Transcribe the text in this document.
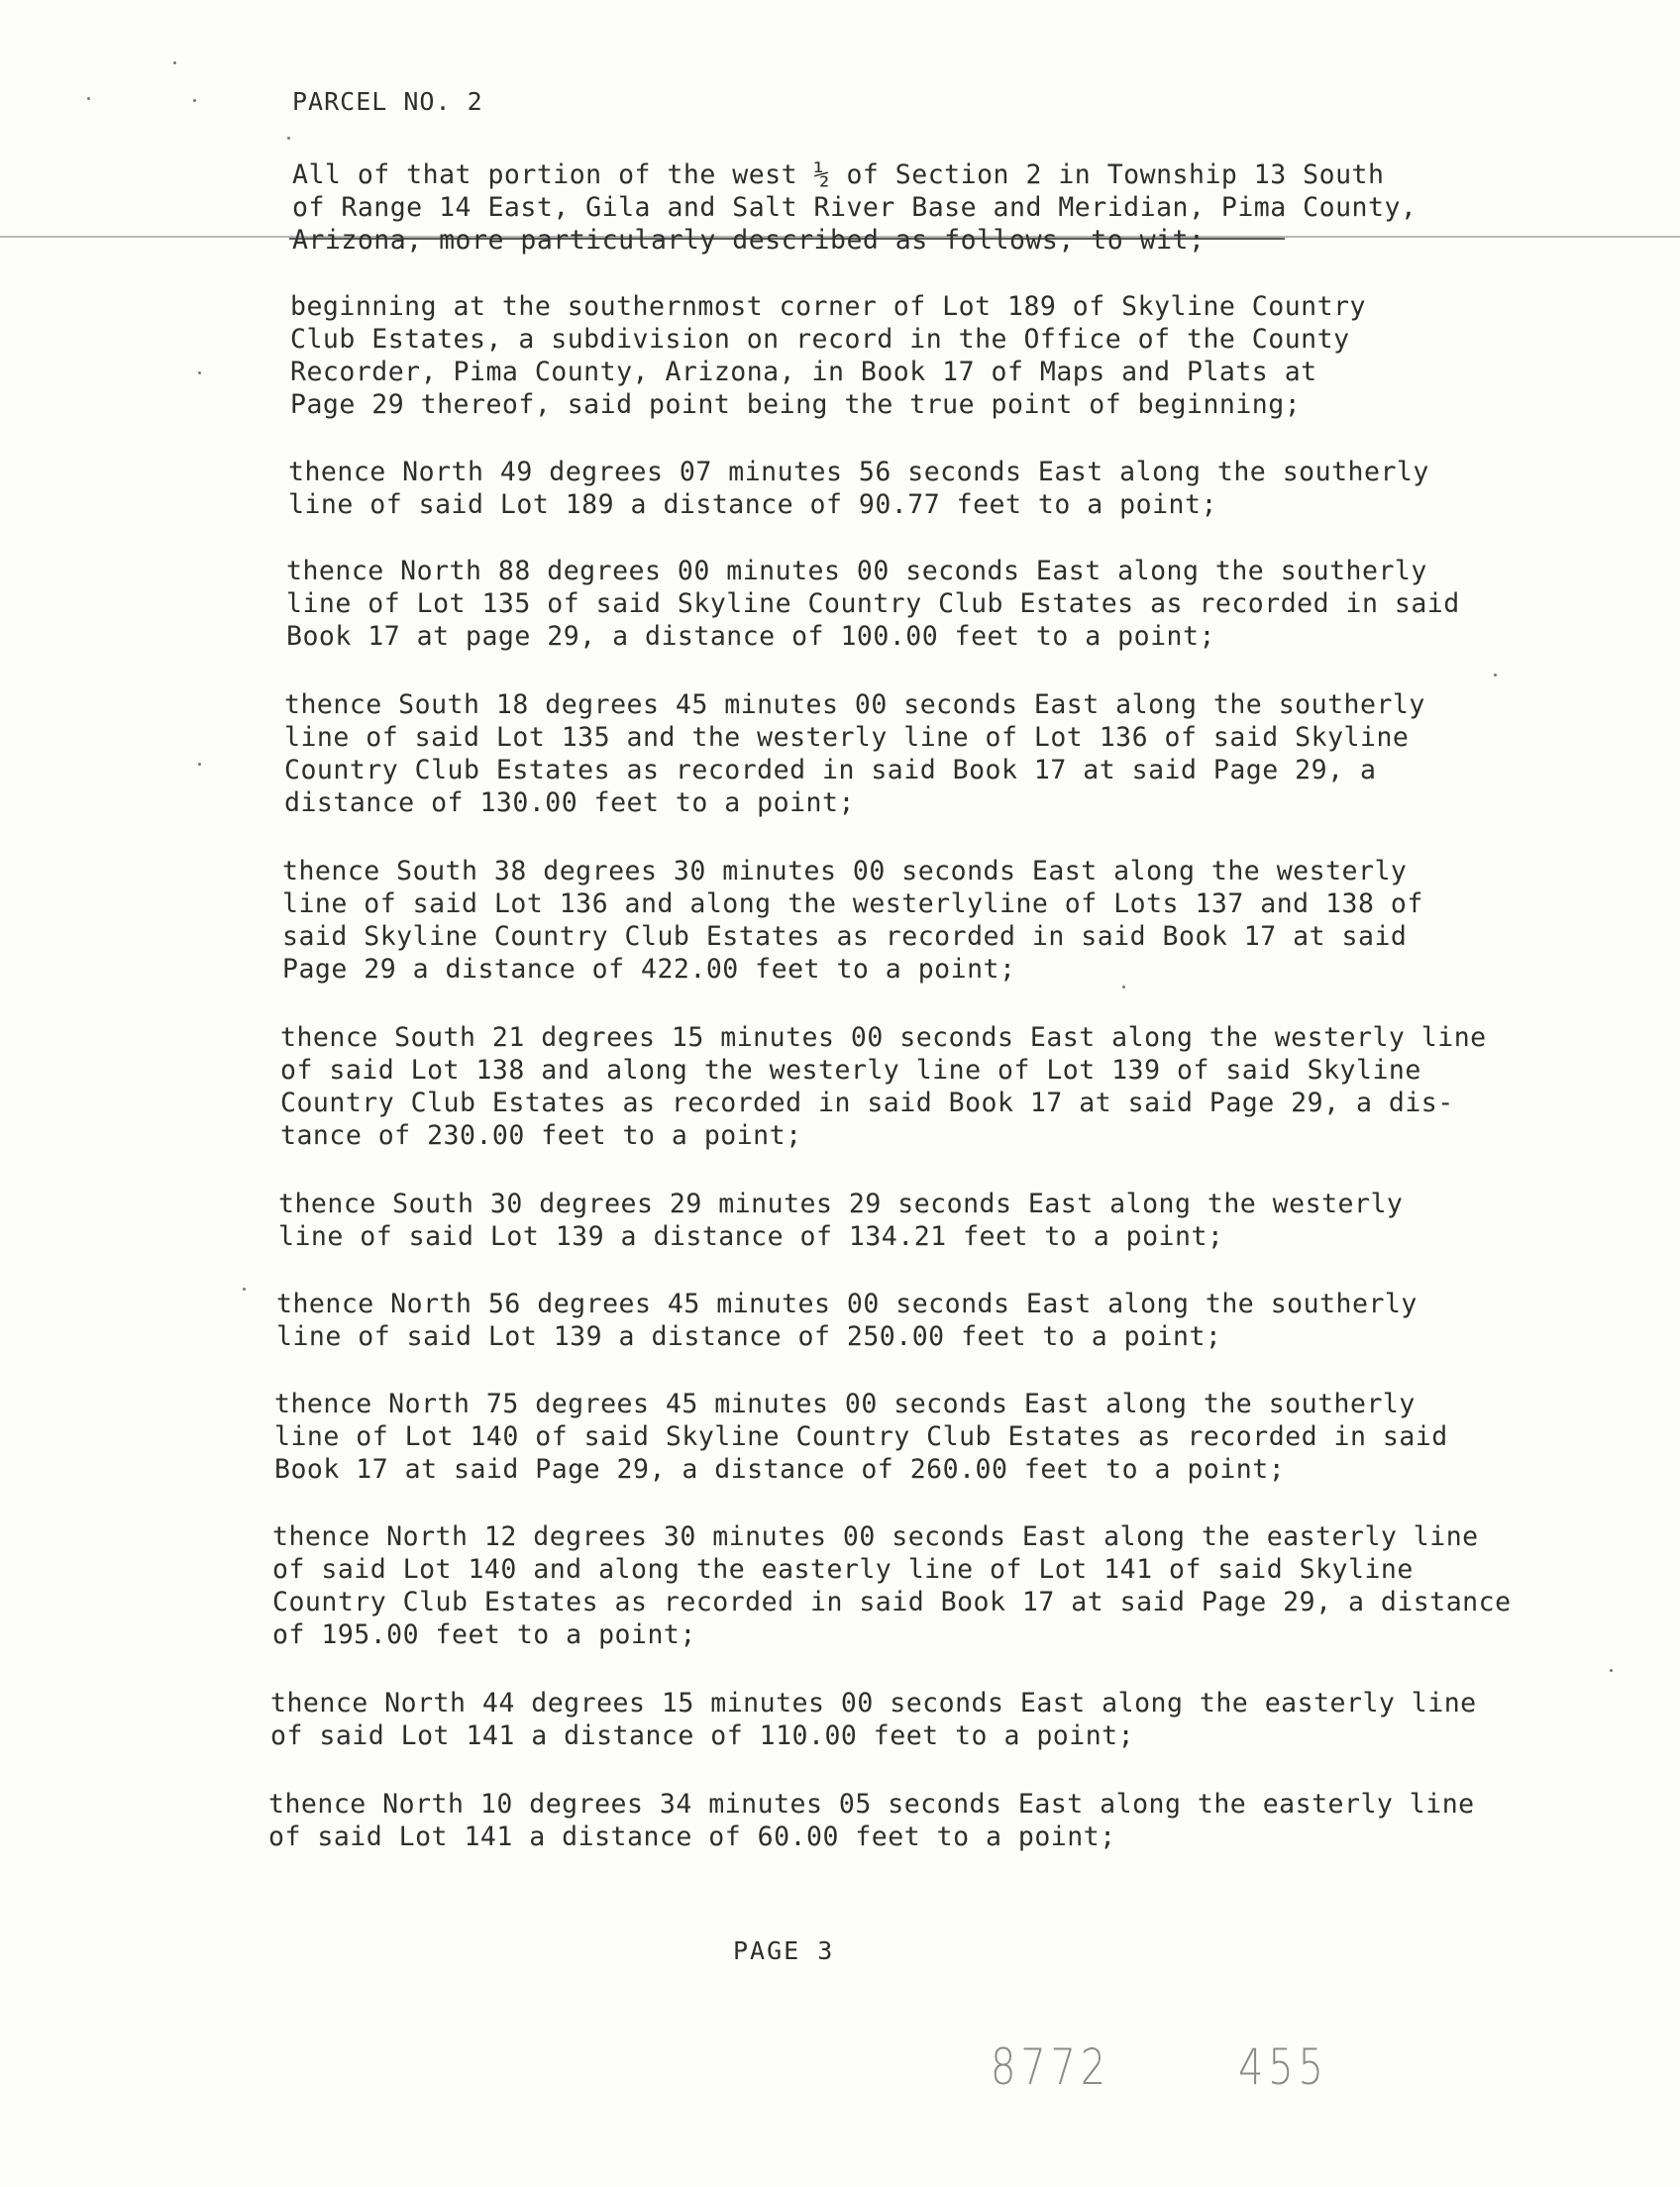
PARCEL NO. 2

All of that portion of the west ½ of Section 2 in Township 13 South
of Range 14 East, Gila and Salt River Base and Meridian, Pima County,
Arizona, more particularly described as follows, to wit;

beginning at the southernmost corner of Lot 189 of Skyline Country
Club Estates, a subdivision on record in the Office of the County
Recorder, Pima County, Arizona, in Book 17 of Maps and Plats at
Page 29 thereof, said point being the true point of beginning;

thence North 49 degrees 07 minutes 56 seconds East along the southerly
line of said Lot 189 a distance of 90.77 feet to a point;

thence North 88 degrees 00 minutes 00 seconds East along the southerly
line of Lot 135 of said Skyline Country Club Estates as recorded in said
Book 17 at page 29, a distance of 100.00 feet to a point;

thence South 18 degrees 45 minutes 00 seconds East along the southerly
line of said Lot 135 and the westerly line of Lot 136 of said Skyline
Country Club Estates as recorded in said Book 17 at said Page 29, a
distance of 130.00 feet to a point;

thence South 38 degrees 30 minutes 00 seconds East along the westerly
line of said Lot 136 and along the westerlyline of Lots 137 and 138 of
said Skyline Country Club Estates as recorded in said Book 17 at said
Page 29 a distance of 422.00 feet to a point;

thence South 21 degrees 15 minutes 00 seconds East along the westerly line
of said Lot 138 and along the westerly line of Lot 139 of said Skyline
Country Club Estates as recorded in said Book 17 at said Page 29, a dis-
tance of 230.00 feet to a point;

thence South 30 degrees 29 minutes 29 seconds East along the westerly
line of said Lot 139 a distance of 134.21 feet to a point;

thence North 56 degrees 45 minutes 00 seconds East along the southerly
line of said Lot 139 a distance of 250.00 feet to a point;

thence North 75 degrees 45 minutes 00 seconds East along the southerly
line of Lot 140 of said Skyline Country Club Estates as recorded in said
Book 17 at said Page 29, a distance of 260.00 feet to a point;

thence North 12 degrees 30 minutes 00 seconds East along the easterly line
of said Lot 140 and along the easterly line of Lot 141 of said Skyline
Country Club Estates as recorded in said Book 17 at said Page 29, a distance
of 195.00 feet to a point;

thence North 44 degrees 15 minutes 00 seconds East along the easterly line
of said Lot 141 a distance of 110.00 feet to a point;

thence North 10 degrees 34 minutes 05 seconds East along the easterly line
of said Lot 141 a distance of 60.00 feet to a point;

PAGE 3
8772	455
